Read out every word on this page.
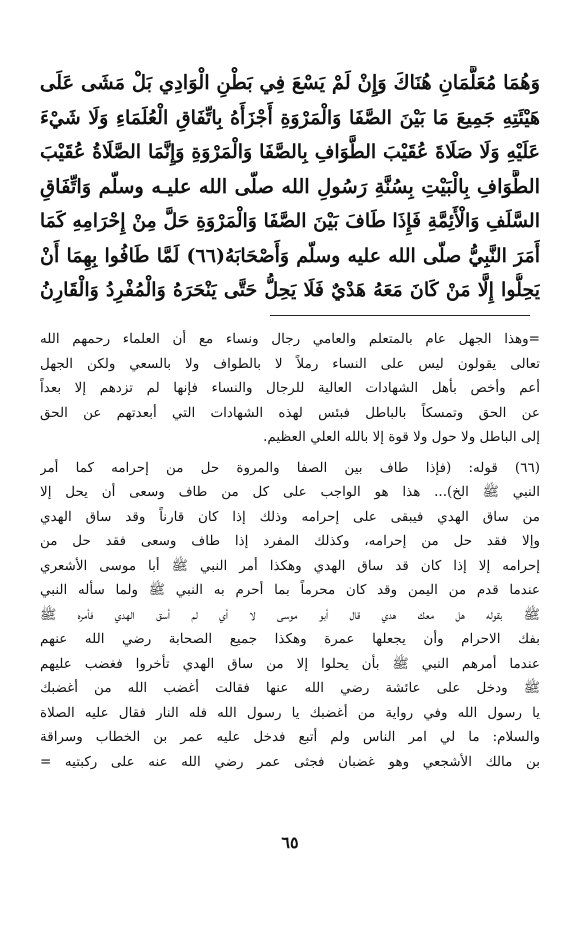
وَهُمَا مُعَلَّمَانِ هُنَاكَ وَإِنْ لَمْ يَسْعَ فِي بَطْنِ الْوَادِي بَلْ مَشَى عَلَى
هَيْئَتِهِ جَمِيعَ مَا بَيْنَ الصَّفَا وَالْمَرْوَةِ أَجْزَأَهُ بِاتِّفَاقِ الْعُلَمَاءِ وَلَا شَيْءَ
عَلَيْهِ وَلَا صَلَاةَ عُقَيْبَ الطَّوَافِ بِالصَّفَا وَالْمَرْوَةِ وَإِنَّمَا الصَّلَاةُ عُقَيْبَ
الطَّوَافِ بِالْبَيْتِ بِسُنَّةِ رَسُولِ الله صلّى الله عليـه وسلّم وَاتِّفَاقِ
السَّلَفِ وَالْأَئِمَّةِ فَإِذَا طَافَ بَيْنَ الصَّفَا وَالْمَرْوَةِ حَلَّ مِنْ إِحْرَامِهِ كَمَا
أَمَرَ النَّبِيُّ صلّى الله عليه وسلّم وَأَصْحَابَهُ(٦٦) لَمَّا طَافُوا بِهِمَا أَنْ
يَحِلُّوا إِلَّا مَنْ كَانَ مَعَهُ هَدْيٌ فَلَا يَحِلُّ حَتَّى يَنْحَرَهُ وَالْمُفْرِدُ وَالْقَارِنُ
=وهذا الجهل عام بالمتعلم والعامي رجال ونساء مع أن العلماء رحمهم الله
تعالى يقولون ليس على النساء رملاً لا بالطواف ولا بالسعي ولكن الجهل
أعم وأخص بأهل الشهادات العالية للرجال والنساء فإنها لم تزدهم إلا بعداً
عن الحق وتمسكاً بالباطل فبئس لهذه الشهادات التي أبعدتهم عن الحق
إلى الباطل ولا حول ولا قوة إلا بالله العلي العظيم.
(٦٦) قوله: (فإذا طاف بين الصفا والمروة حل من إحرامه كما أمر
النبي ﷺ الخ)... هذا هو الواجب على كل من طاف وسعى أن يحل إلا
من ساق الهدي فيبقى على إحرامه وذلك إذا كان قارناً وقد ساق الهدي
وإلا فقد حل من إحرامه، وكذلك المفرد إذا طاف وسعى فقد حل من
إحرامه إلا إذا كان قد ساق الهدي وهكذا أمر النبي ﷺ أبا موسى الأشعري
عندما قدم من اليمن وقد كان محرماً بما أحرم به النبي ﷺ ولما سأله النبي
ﷺ بقوله هل معك هدي قال أبو موسى لا أي لم أسق الهدي فأمره ﷺ
بفك الاحرام وأن يجعلها عمرة وهكذا جميع الصحابة رضي الله عنهم
عندما أمرهم النبي ﷺ بأن يحلوا إلا من ساق الهدي تأخروا فغضب عليهم
ﷺ ودخل على عائشة رضي الله عنها فقالت أغضب الله من أغضبك
يا رسول الله وفي رواية من أغضبك يا رسول الله فله النار فقال عليه الصلاة
والسلام: ما لي امر الناس ولم أتبع فدخل عليه عمر بن الخطاب وسراقة
بن مالك الأشجعي وهو غضبان فجثى عمر رضي الله عنه على ركبتيه =
٦٥
